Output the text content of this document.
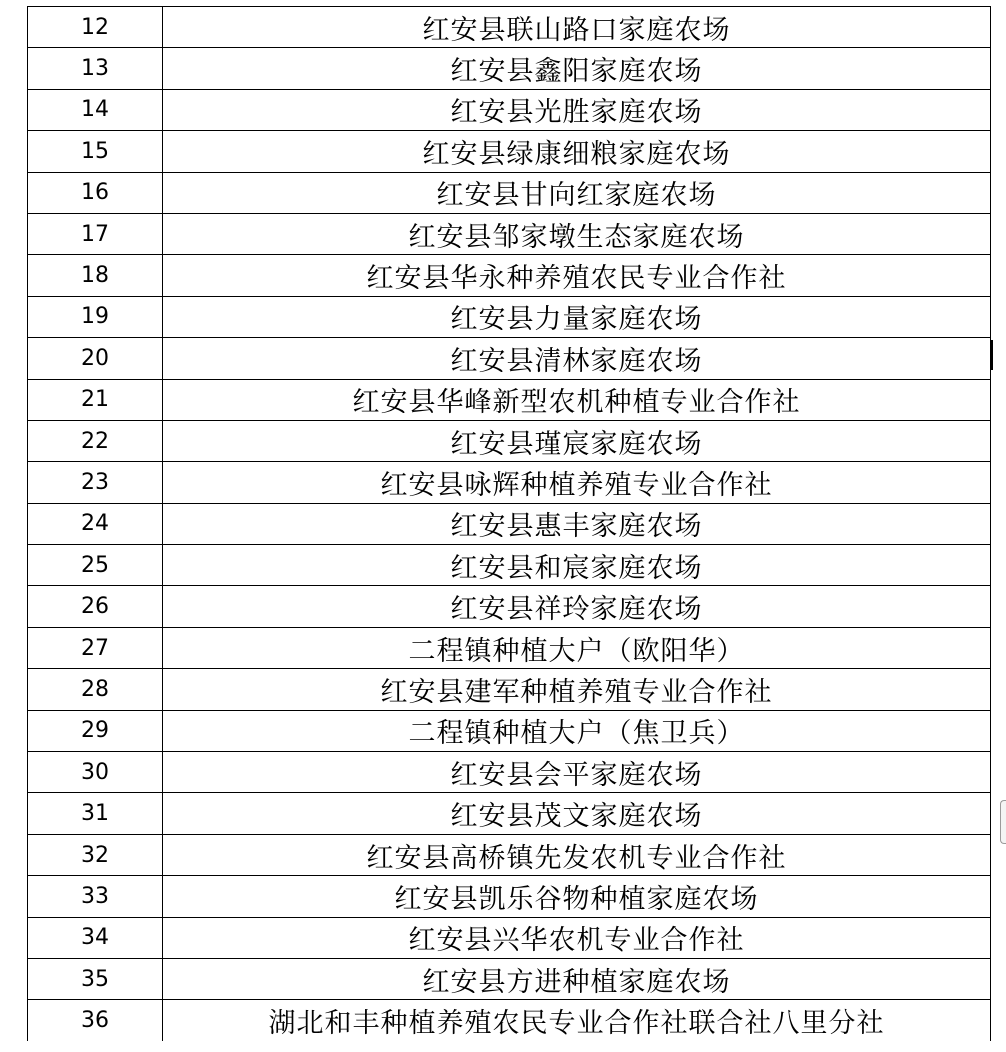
12	红安县联山路口家庭农场
13	红安县鑫阳家庭农场
14	红安县光胜家庭农场
15	红安县绿康细粮家庭农场
16	红安县甘向红家庭农场
17	红安县邹家墩生态家庭农场
18	红安县华永种养殖农民专业合作社
19	红安县力量家庭农场
20	红安县清林家庭农场
21	红安县华峰新型农机种植专业合作社
22	红安县瑾宸家庭农场
23	红安县咏辉种植养殖专业合作社
24	红安县惠丰家庭农场
25	红安县和宸家庭农场
26	红安县祥玲家庭农场
27	二程镇种植大户（欧阳华）
28	红安县建军种植养殖专业合作社
29	二程镇种植大户（焦卫兵）
30	红安县会平家庭农场
31	红安县茂文家庭农场
32	红安县高桥镇先发农机专业合作社
33	红安县凯乐谷物种植家庭农场
34	红安县兴华农机专业合作社
35	红安县方进种植家庭农场
36	湖北和丰种植养殖农民专业合作社联合社八里分社
